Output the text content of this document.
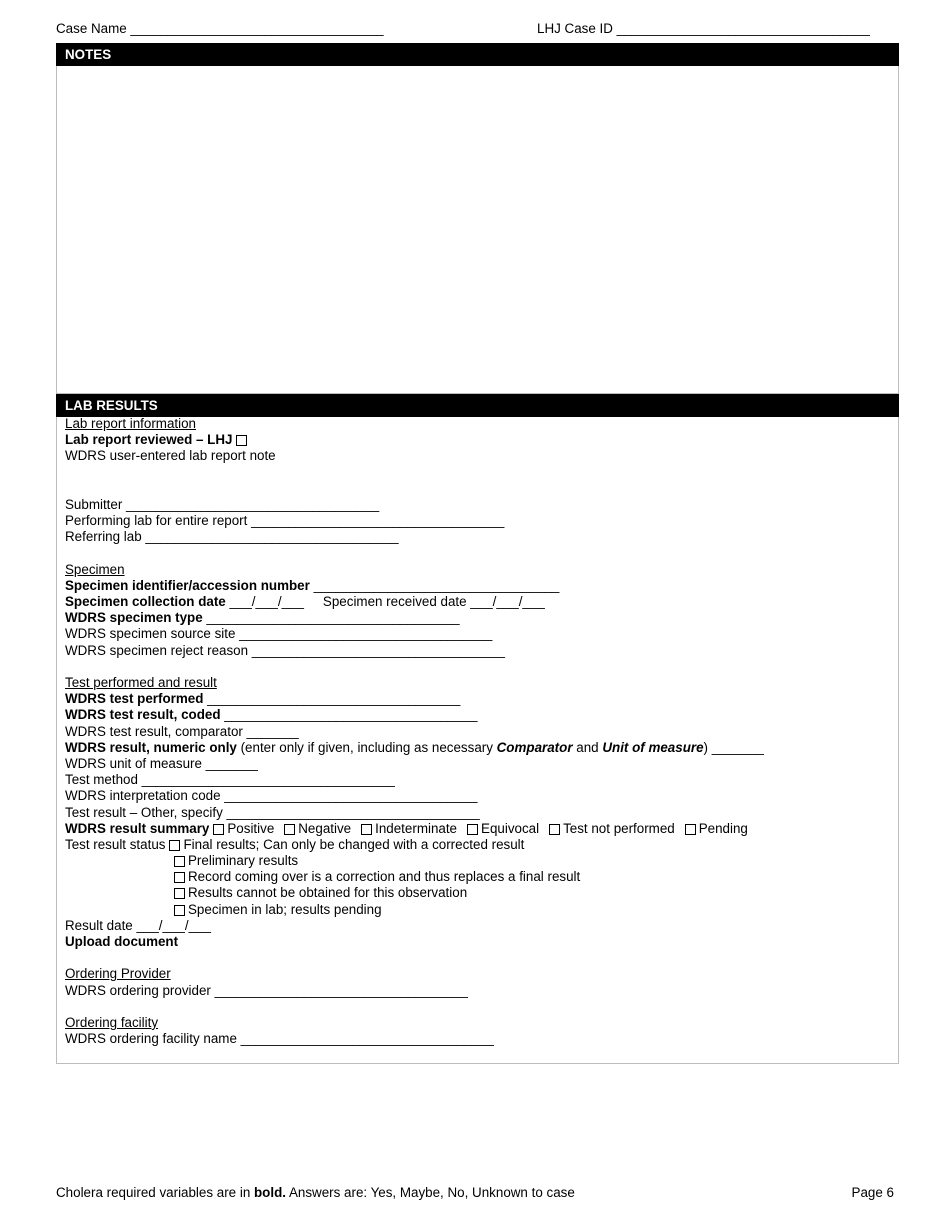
Case Name __________________________________	LHJ Case ID __________________________________
NOTES
LAB RESULTS
Lab report information
Lab report reviewed – LHJ
WDRS user-entered lab report note
Submitter __________________________________
Performing lab for entire report __________________________________
Referring lab __________________________________
Specimen
Specimen identifier/accession number _________________________________
Specimen collection date ___/___/___ Specimen received date ___/___/___
WDRS specimen type __________________________________
WDRS specimen source site __________________________________
WDRS specimen reject reason __________________________________
Test performed and result
WDRS test performed __________________________________
WDRS test result, coded __________________________________
WDRS test result, comparator _______
WDRS result, numeric only (enter only if given, including as necessary Comparator and Unit of measure) _______
WDRS unit of measure _______
Test method __________________________________
WDRS interpretation code __________________________________
Test result – Other, specify __________________________________
WDRS result summary Positive Negative Indeterminate Equivocal Test not performed Pending
Test result status Final results; Can only be changed with a corrected result
Preliminary results
Record coming over is a correction and thus replaces a final result
Results cannot be obtained for this observation
Specimen in lab; results pending
Result date ___/___/___
Upload document
Ordering Provider
WDRS ordering provider __________________________________
Ordering facility
WDRS ordering facility name __________________________________
Cholera required variables are in bold. Answers are: Yes, Maybe, No, Unknown to case	Page 6
